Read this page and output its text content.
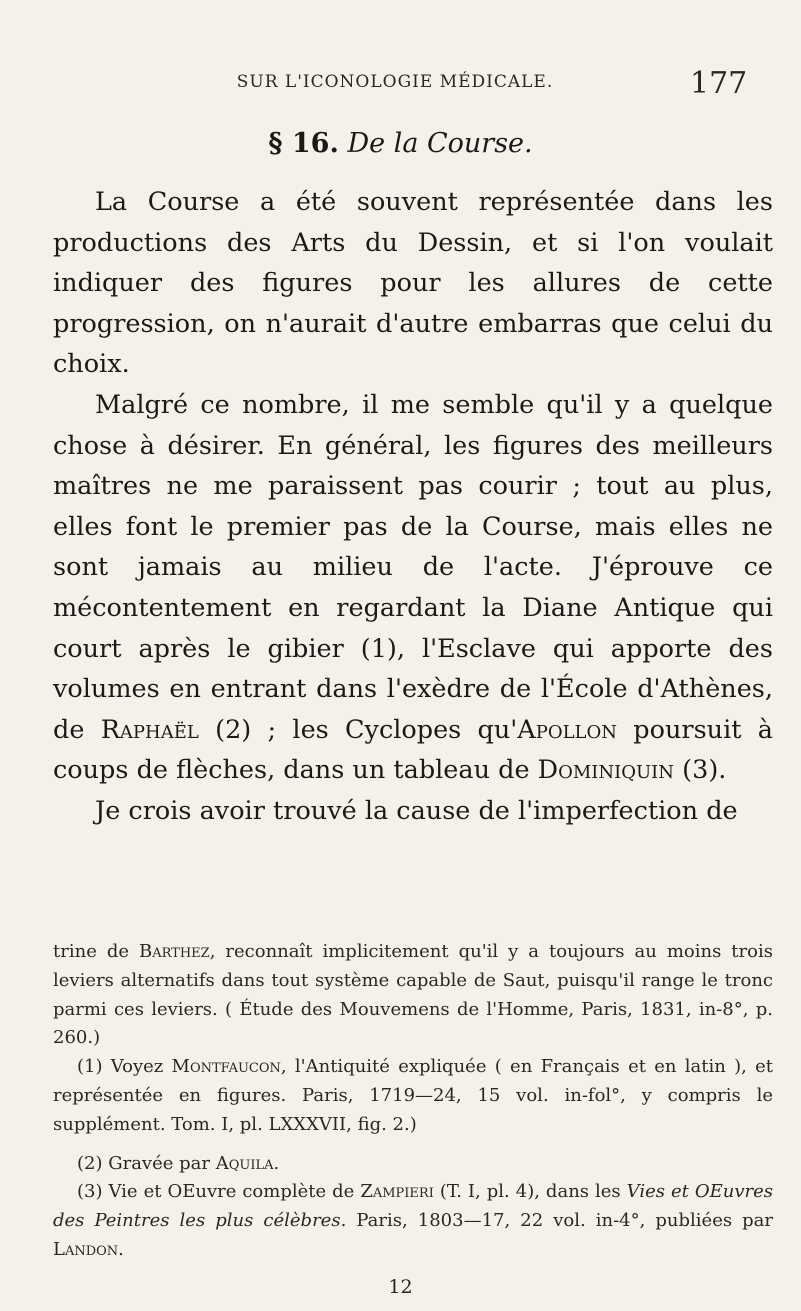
SUR L'ICONOLOGIE MÉDICALE.	177
§ 16. De la Course.

La Course a été souvent représentée dans les productions des Arts du Dessin, et si l'on voulait indiquer des figures pour les allures de cette progression, on n'aurait d'autre embarras que celui du choix.

Malgré ce nombre, il me semble qu'il y a quelque chose à désirer. En général, les figures des meilleurs maîtres ne me paraissent pas courir ; tout au plus, elles font le premier pas de la Course, mais elles ne sont jamais au milieu de l'acte. J'éprouve ce mécontentement en regardant la Diane Antique qui court après le gibier (1), l'Esclave qui apporte des volumes en entrant dans l'exèdre de l'École d'Athènes, de Raphaël (2) ; les Cyclopes qu'Apollon poursuit à coups de flèches, dans un tableau de Dominiquin (3).

Je crois avoir trouvé la cause de l'imperfection de

trine de Barthez, reconnaît implicitement qu'il y a toujours au moins trois leviers alternatifs dans tout système capable de Saut, puisqu'il range le tronc parmi ces leviers. ( Étude des Mouvemens de l'Homme, Paris, 1831, in-8°, p. 260.)

(1) Voyez Montfaucon, l'Antiquité expliquée ( en Français et en latin ), et représentée en figures. Paris, 1719—24, 15 vol. in-fol°, y compris le supplément. Tom. I, pl. LXXXVII, fig. 2.)

(2) Gravée par Aquila.

(3) Vie et OEuvre complète de Zampieri (T. I, pl. 4), dans les Vies et OEuvres des Peintres les plus célèbres. Paris, 1803—17, 22 vol. in-4°, publiées par Landon.

12
